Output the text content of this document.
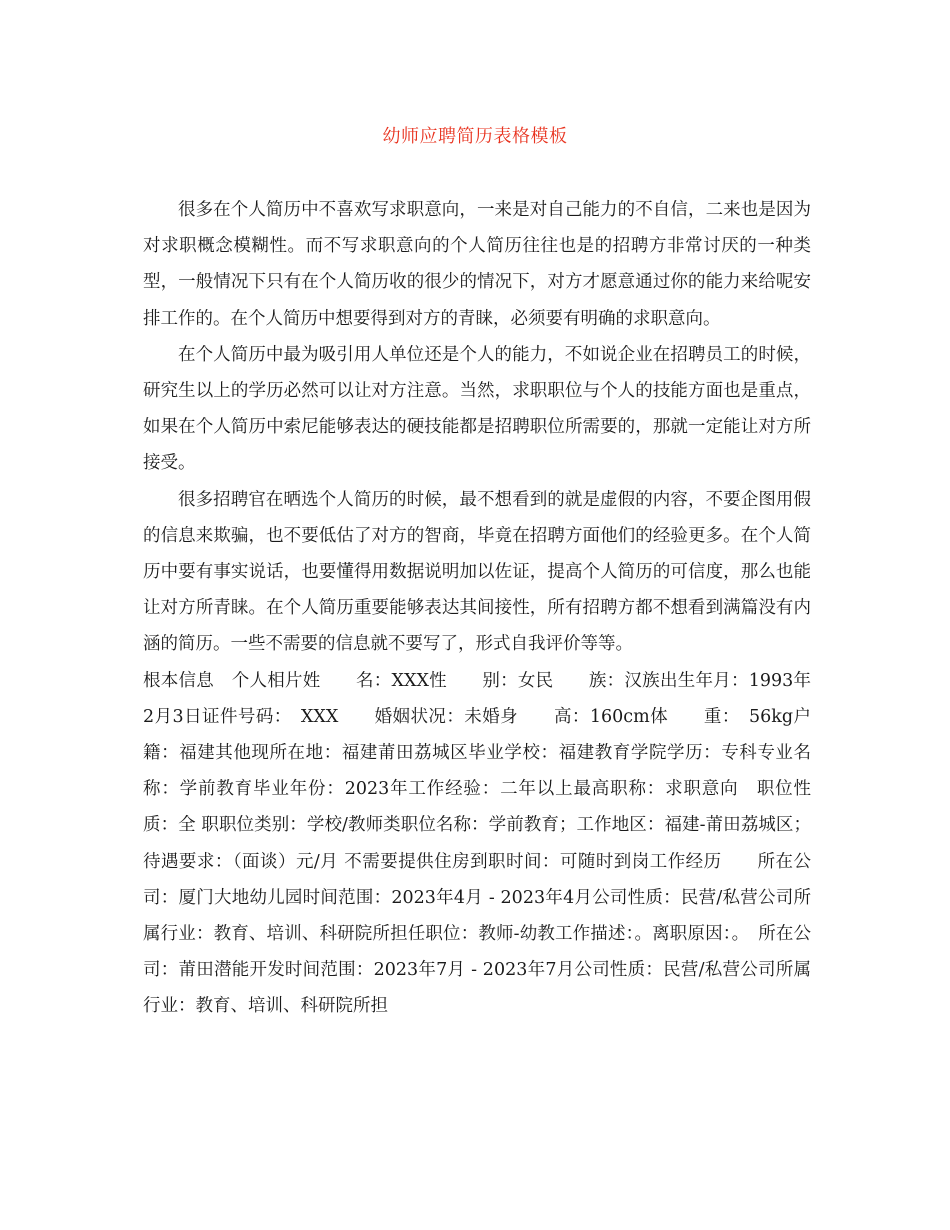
幼师应聘简历表格模板

很多在个人简历中不喜欢写求职意向，一来是对自己能力的不自信，二来也是因为对求职概念模糊性。而不写求职意向的个人简历往往也是的招聘方非常讨厌的一种类型，一般情况下只有在个人简历收的很少的情况下，对方才愿意通过你的能力来给呢安排工作的。在个人简历中想要得到对方的青睐，必须要有明确的求职意向。

在个人简历中最为吸引用人单位还是个人的能力，不如说企业在招聘员工的时候，研究生以上的学历必然可以让对方注意。当然，求职职位与个人的技能方面也是重点，如果在个人简历中索尼能够表达的硬技能都是招聘职位所需要的，那就一定能让对方所接受。

很多招聘官在晒选个人简历的时候，最不想看到的就是虚假的内容，不要企图用假的信息来欺骗，也不要低估了对方的智商，毕竟在招聘方面他们的经验更多。在个人简历中要有事实说话，也要懂得用数据说明加以佐证，提高个人简历的可信度，那么也能让对方所青睐。在个人简历重要能够表达其间接性，所有招聘方都不想看到满篇没有内涵的简历。一些不需要的信息就不要写了，形式自我评价等等。

根本信息　个人相片姓　　名：XXX性　　别：女民　　族：汉族出生年月：1993年2月3日证件号码：　XXX　　婚姻状况：未婚身　　高：160cm体　　重：　56kg户　　籍：福建其他现所在地：福建莆田荔城区毕业学校：福建教育学院学历：专科专业名称：学前教育毕业年份：2023年工作经验：二年以上最高职称：求职意向　职位性质：全 职职位类别：学校/教师类职位名称：学前教育；工作地区：福建-莆田荔城区；待遇要求：（面谈）元/月 不需要提供住房到职时间：可随时到岗工作经历　　所在公司：厦门大地幼儿园时间范围：2023年4月 - 2023年4月公司性质：民营/私营公司所属行业：教育、培训、科研院所担任职位：教师-幼教工作描述：。离职原因：。　所在公司：莆田潜能开发时间范围：2023年7月 - 2023年7月公司性质：民营/私营公司所属行业：教育、培训、科研院所担
